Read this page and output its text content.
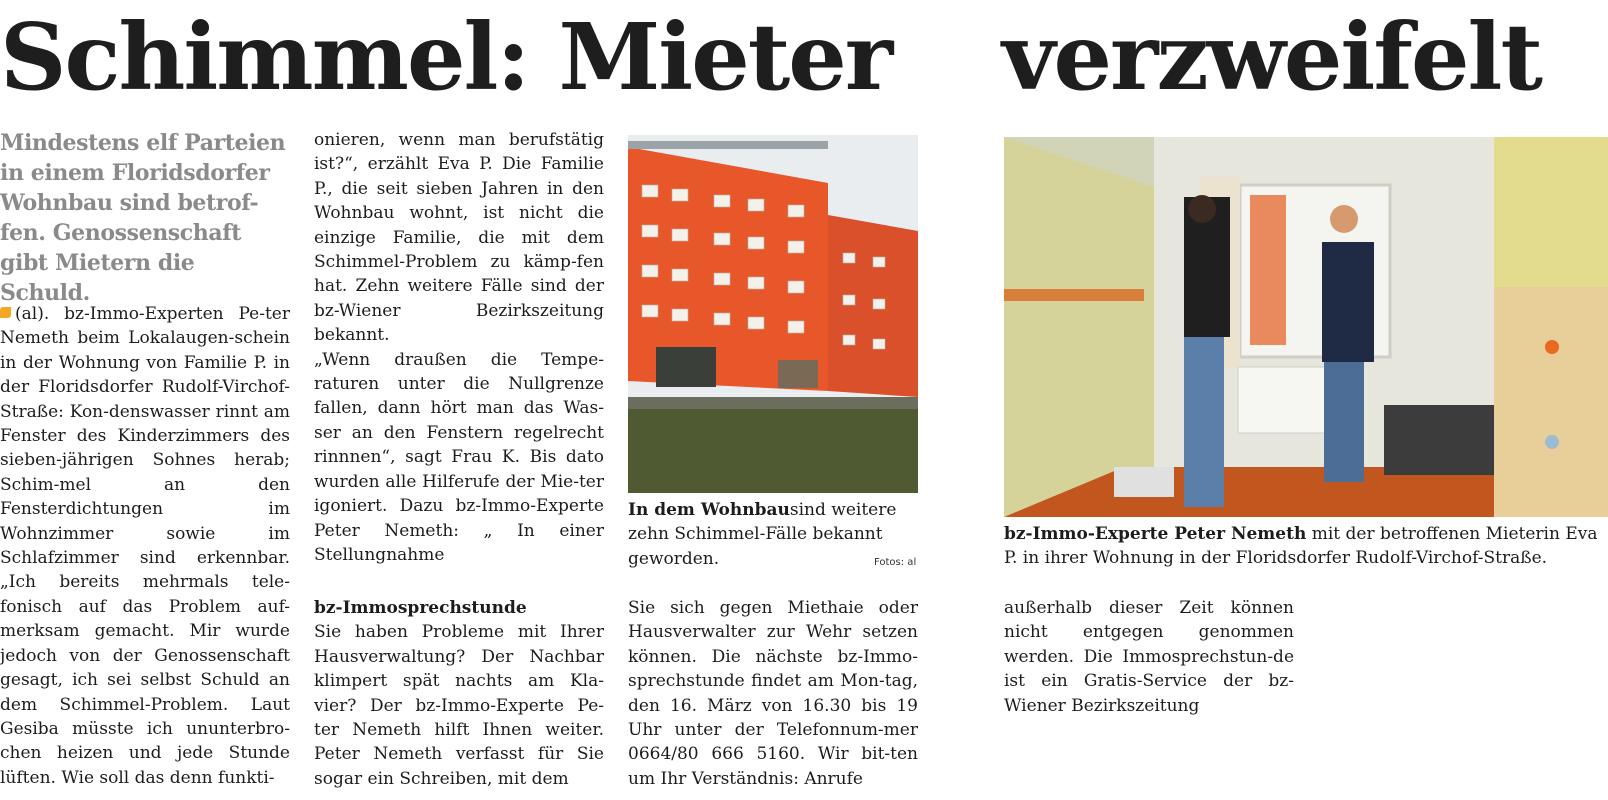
Schimmel: Mieter verzweifelt
Mindestens elf Parteien in einem Floridsdorfer Wohnbau sind betrof-fen. Genossenschaft gibt Mietern die Schuld.

(al). bz-Immo-Experten Pe-ter Nemeth beim Lokalaugen-schein in der Wohnung von Familie P. in der Floridsdorfer Rudolf-Virchof-Straße: Kon-denswasser rinnt am Fenster des Kinderzimmers des sieben-jährigen Sohnes herab; Schim-mel an den Fensterdichtungen im Wohnzimmer sowie im Schlafzimmer sind erkennbar. „Ich bereits mehrmals tele-fonisch auf das Problem auf-merksam gemacht. Mir wurde jedoch von der Genossenschaft gesagt, ich sei selbst Schuld an dem Schimmel-Problem. Laut Gesiba müsste ich ununterbro-chen heizen und jede Stunde lüften. Wie soll das denn funkti-

onieren, wenn man berufstätig ist?“, erzählt Eva P. Die Familie P., die seit sieben Jahren in den Wohnbau wohnt, ist nicht die einzige Familie, die mit dem Schimmel-Problem zu kämp-fen hat. Zehn weitere Fälle sind der bz-Wiener Bezirkszeitung bekannt.

„Wenn draußen die Tempe-raturen unter die Nullgrenze fallen, dann hört man das Was-ser an den Fenstern regelrecht rinnnen“, sagt Frau K. Bis dato wurden alle Hilferufe der Mie-ter igoniert. Dazu bz-Immo-Experte Peter Nemeth: „ In einer Stellungnahme

In dem Wohnbausind weitere zehn Schimmel-Fälle bekannt geworden.	Fotos: al
bz-Immo-Experte Peter Nemeth mit der betroffenen Mieterin Eva P. in ihrer Wohnung in der Floridsdorfer Rudolf-Virchof-Straße.

bz-Immosprechstunde

Sie haben Probleme mit Ihrer Hausverwaltung? Der Nachbar klimpert spät nachts am Kla-vier? Der bz-Immo-Experte Pe-ter Nemeth hilft Ihnen weiter. Peter Nemeth verfasst für Sie sogar ein Schreiben, mit dem

Sie sich gegen Miethaie oder Hausverwalter zur Wehr setzen können. Die nächste bz-Immo-sprechstunde findet am Mon-tag, den 16. März von 16.30 bis 19 Uhr unter der Telefonnum-mer 0664/80 666 5160. Wir bit-ten um Ihr Verständnis: Anrufe

außerhalb dieser Zeit können nicht entgegen genommen werden. Die Immosprechstun-de ist ein Gratis-Service der bz-Wiener Bezirkszeitung
